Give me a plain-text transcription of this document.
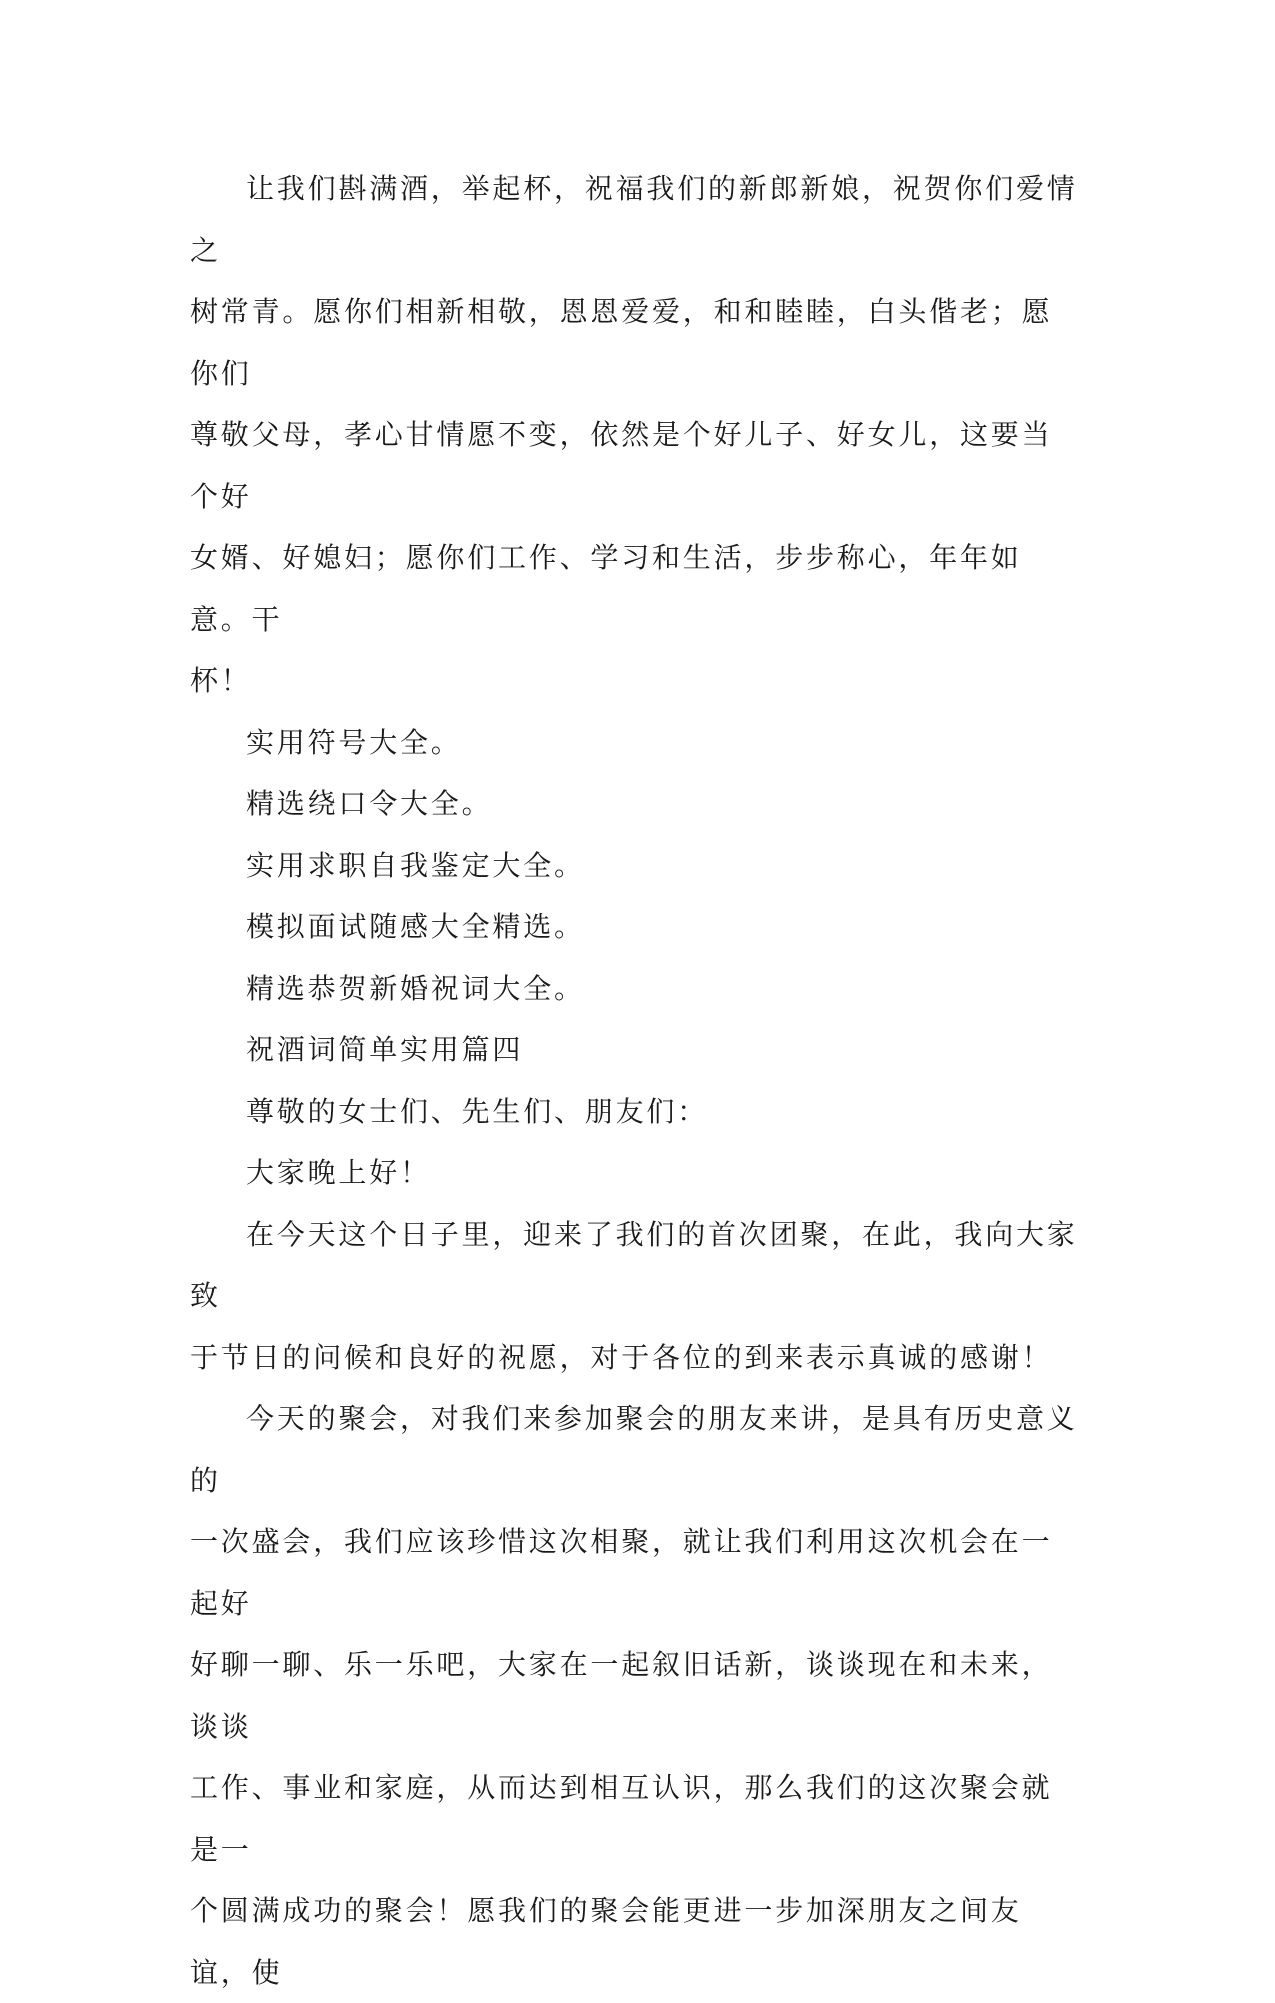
让我们斟满酒，举起杯，祝福我们的新郎新娘，祝贺你们爱情之
树常青。愿你们相新相敬，恩恩爱爱，和和睦睦，白头偕老；愿你们
尊敬父母，孝心甘情愿不变，依然是个好儿子、好女儿，这要当个好
女婿、好媳妇；愿你们工作、学习和生活，步步称心，年年如意。干
杯！

实用符号大全。

精选绕口令大全。

实用求职自我鉴定大全。

模拟面试随感大全精选。

精选恭贺新婚祝词大全。

祝酒词简单实用篇四

尊敬的女士们、先生们、朋友们：

大家晚上好！

在今天这个日子里，迎来了我们的首次团聚，在此，我向大家致
于节日的问候和良好的祝愿，对于各位的到来表示真诚的感谢！

今天的聚会，对我们来参加聚会的朋友来讲，是具有历史意义的
一次盛会，我们应该珍惜这次相聚，就让我们利用这次机会在一起好
好聊一聊、乐一乐吧，大家在一起叙旧话新，谈谈现在和未来，谈谈
工作、事业和家庭，从而达到相互认识，那么我们的这次聚会就是一
个圆满成功的聚会！愿我们的聚会能更进一步加深朋友之间友谊，使
